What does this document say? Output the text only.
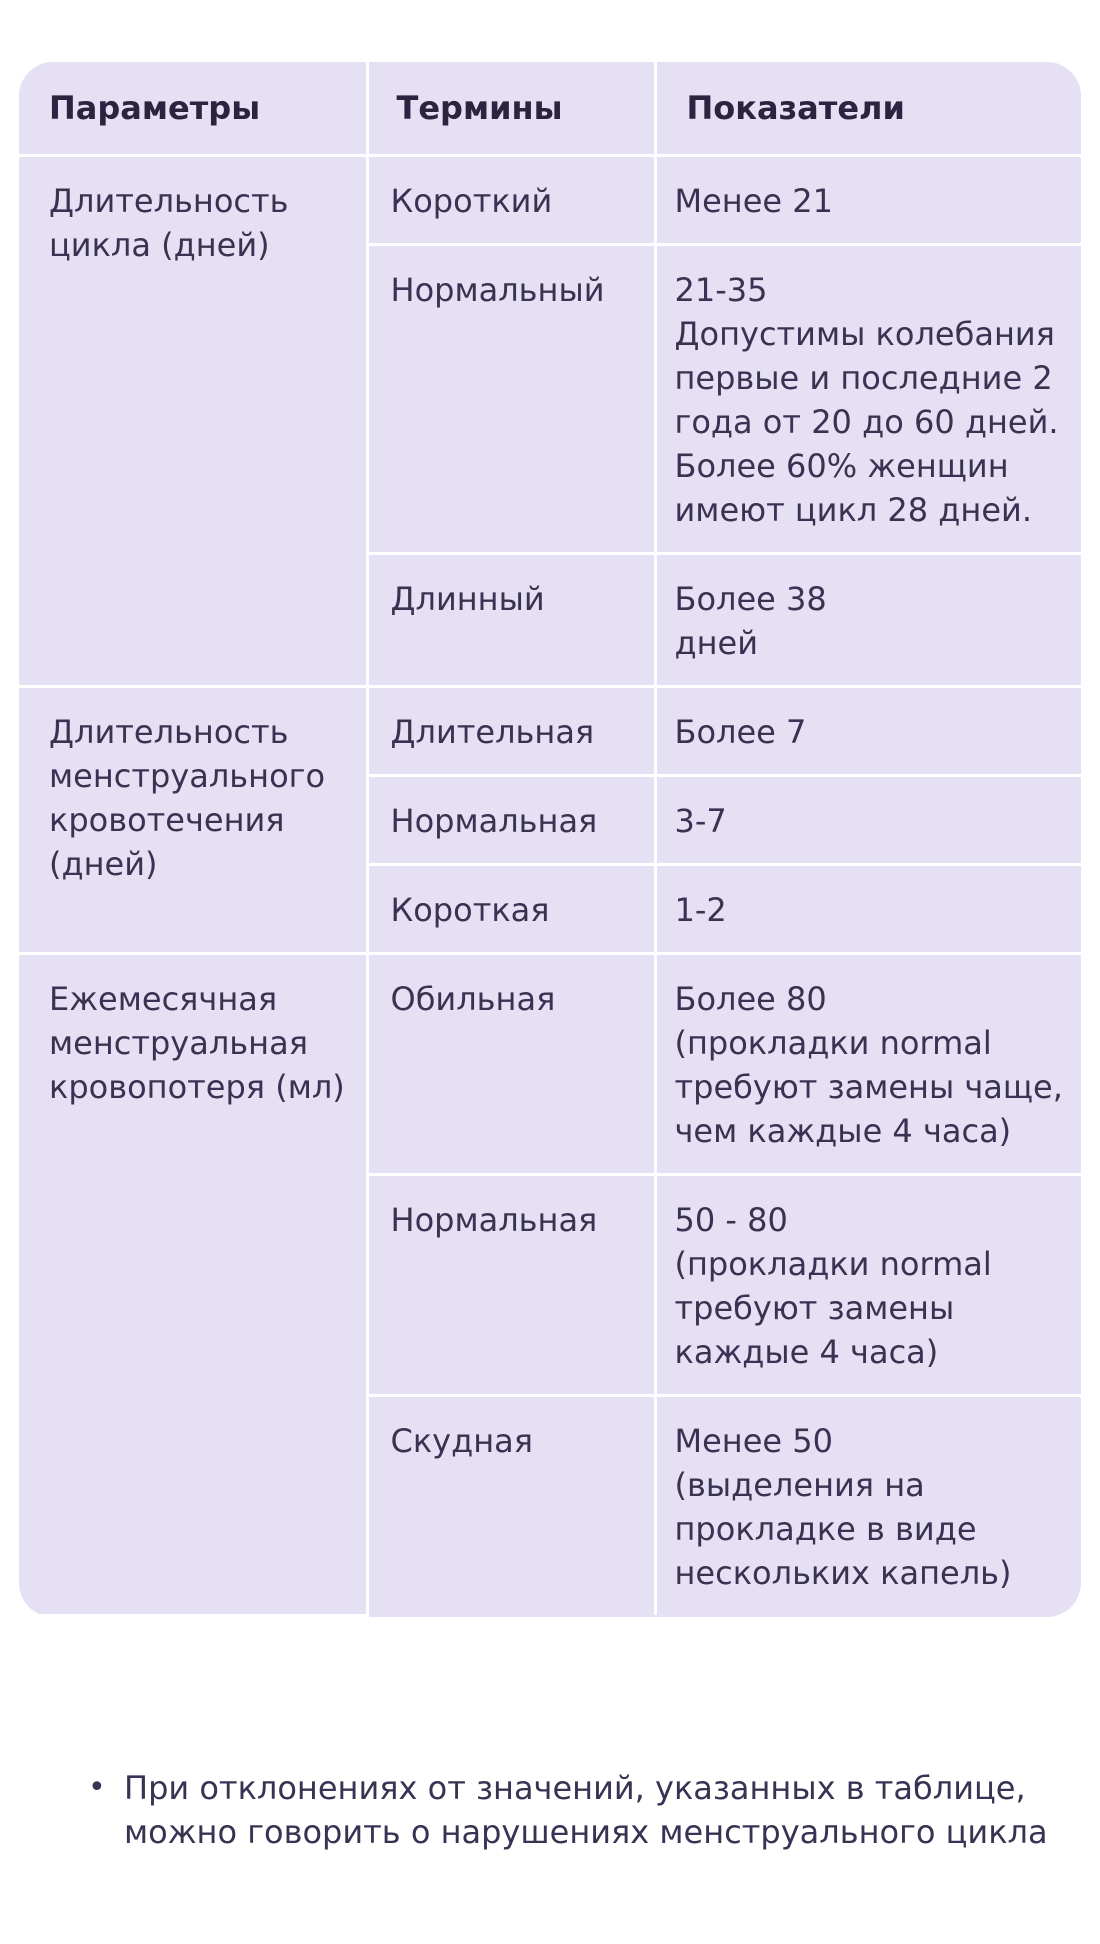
Параметры	Термины	Показатели
Длительность
цикла (дней)	Короткий	Менее 21
	Нормальный	21-35
Допустимы колебания первые и последние 2 года от 20 до 60 дней. Более 60% женщин имеют цикл 28 дней.
	Длинный	Более 38
дней
Длительность менструального кровотечения (дней)	Длительная	Более 7
	Нормальная	3-7
	Короткая	1-2
Ежемесячная менструальная кровопотеря (мл)	Обильная	Более 80
(прокладки normal требуют замены чаще, чем каждые 4 часа)
	Нормальная	50 - 80
(прокладки normal требуют замены каждые 4 часа)
	Скудная	Менее 50
(выделения на прокладке в виде нескольких капель)
• При отклонениях от значений, указанных в таблице, можно говорить о нарушениях менструального цикла
